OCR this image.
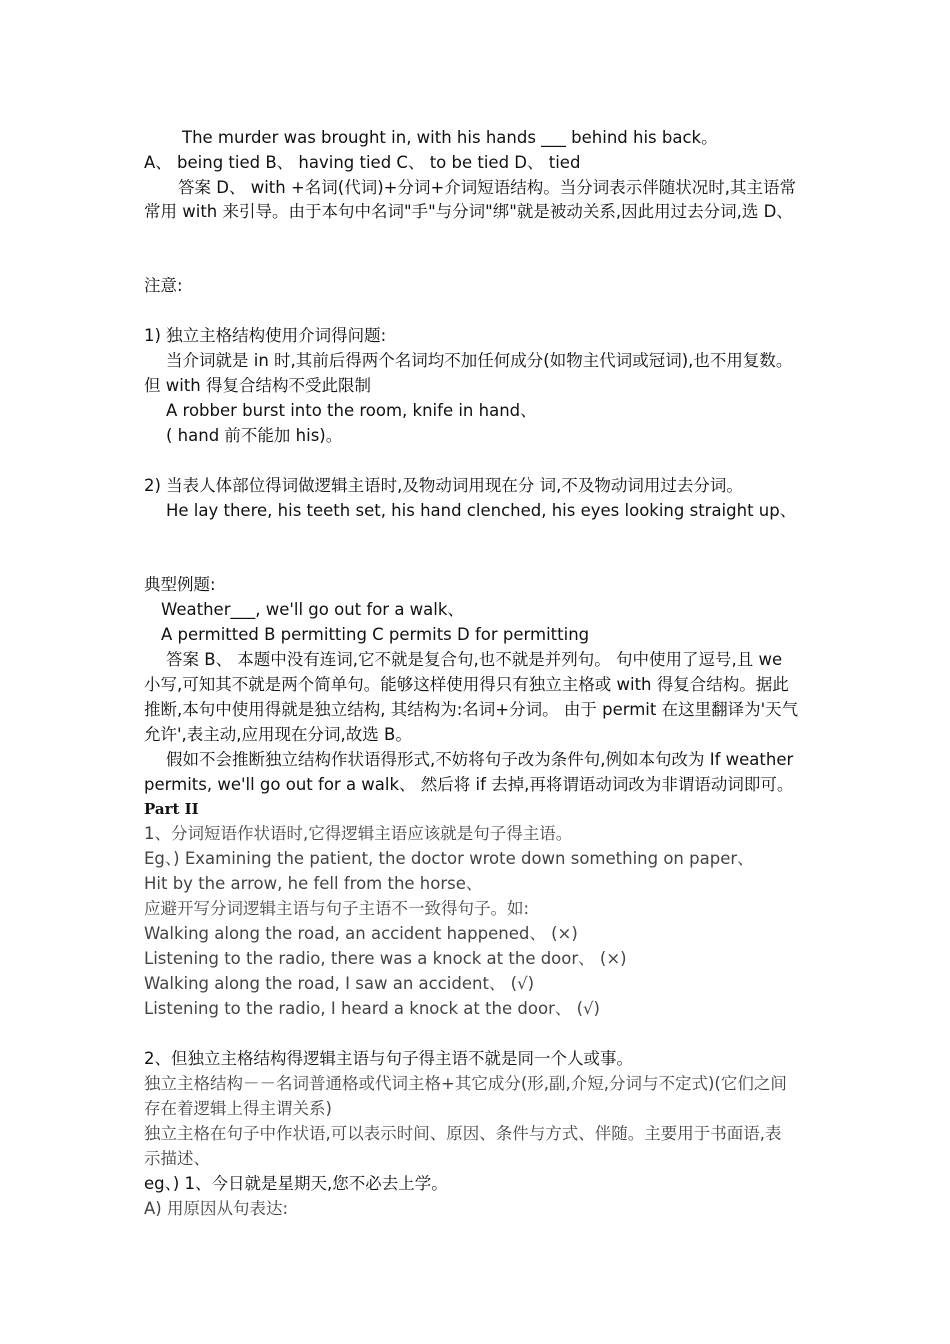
The murder was brought in, with his hands ___ behind his back。
A、 being tied B、 having tied C、 to be tied D、 tied
答案 D、 with +名词(代词)+分词+介词短语结构。当分词表示伴随状况时,其主语常
常用 with 来引导。由于本句中名词"手"与分词"绑"就是被动关系,因此用过去分词,选 D、
注意:
1) 独立主格结构使用介词得问题:
当介词就是 in 时,其前后得两个名词均不加任何成分(如物主代词或冠词),也不用复数。
但 with 得复合结构不受此限制
A robber burst into the room, knife in hand、
( hand 前不能加 his)。
2) 当表人体部位得词做逻辑主语时,及物动词用现在分 词,不及物动词用过去分词。
He lay there, his teeth set, his hand clenched, his eyes looking straight up、
典型例题:
Weather___, we'll go out for a walk、
A permitted B permitting C permits D for permitting
答案 B、 本题中没有连词,它不就是复合句,也不就是并列句。 句中使用了逗号,且 we
小写,可知其不就是两个简单句。能够这样使用得只有独立主格或 with 得复合结构。据此
推断,本句中使用得就是独立结构, 其结构为:名词+分词。 由于 permit 在这里翻译为'天气
允许',表主动,应用现在分词,故选 B。
假如不会推断独立结构作状语得形式,不妨将句子改为条件句,例如本句改为 If weather
permits, we'll go out for a walk、 然后将 if 去掉,再将谓语动词改为非谓语动词即可。
Part II
1、分词短语作状语时,它得逻辑主语应该就是句子得主语。
Eg、) Examining the patient, the doctor wrote down something on paper、
Hit by the arrow, he fell from the horse、
应避开写分词逻辑主语与句子主语不一致得句子。如:
Walking along the road, an accident happened、 (×)
Listening to the radio, there was a knock at the door、 (×)
Walking along the road, I saw an accident、 (√)
Listening to the radio, I heard a knock at the door、 (√)
2、但独立主格结构得逻辑主语与句子得主语不就是同一个人或事。
独立主格结构－－名词普通格或代词主格+其它成分(形,副,介短,分词与不定式)(它们之间
存在着逻辑上得主谓关系)
独立主格在句子中作状语,可以表示时间、原因、条件与方式、伴随。主要用于书面语,表
示描述、
eg、) 1、今日就是星期天,您不必去上学。
A) 用原因从句表达:
